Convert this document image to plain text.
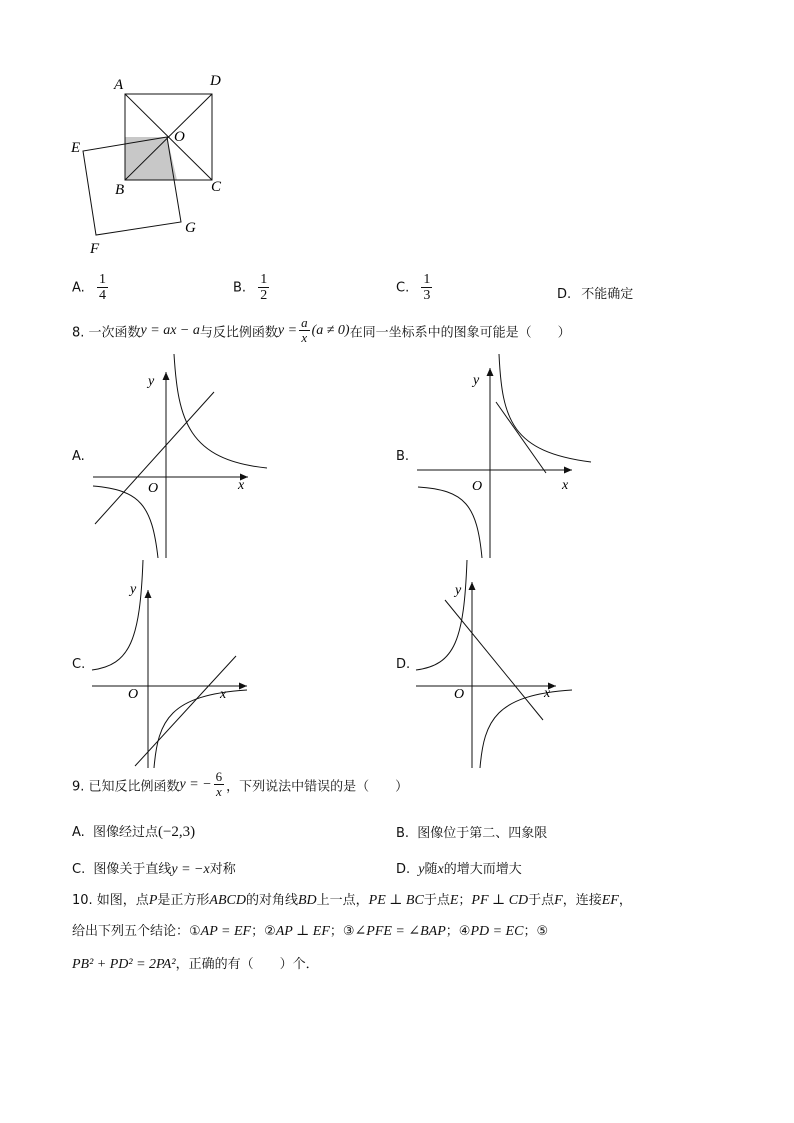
A	D
O
E
B	C
F
G
A. $\frac{1}{4}$	B. $\frac{1}{2}$	C. $\frac{1}{3}$	D. 不能确定
8. 一次函数y = ax − a与反比例函数$y = \frac{a}{x} (a \ne 0)$在同一坐标系中的图象可能是（　　）
A.	B.
C.	D.
y
x
O
y
x
O
y
x
O
y
x
O
9. 已知反比例函数y = − $\frac{6}{x}$ ，下列说法中错误的是（　　）
A. 图像经过点(−2,3)	B. 图像位于第二、四象限
C. 图像关于直线y = −x对称	D. y随x的增大而增大
10. 如图，点P是正方形ABCD的对角线BD上一点，PE ⊥ BC于点E；PF ⊥ CD于点F，连接EF，
给出下列五个结论：①AP = EF；②AP ⊥ EF；③∠PFE = ∠BAP；④PD = EC；⑤
PB² + PD² = 2PA²，正确的有（　　）个．
